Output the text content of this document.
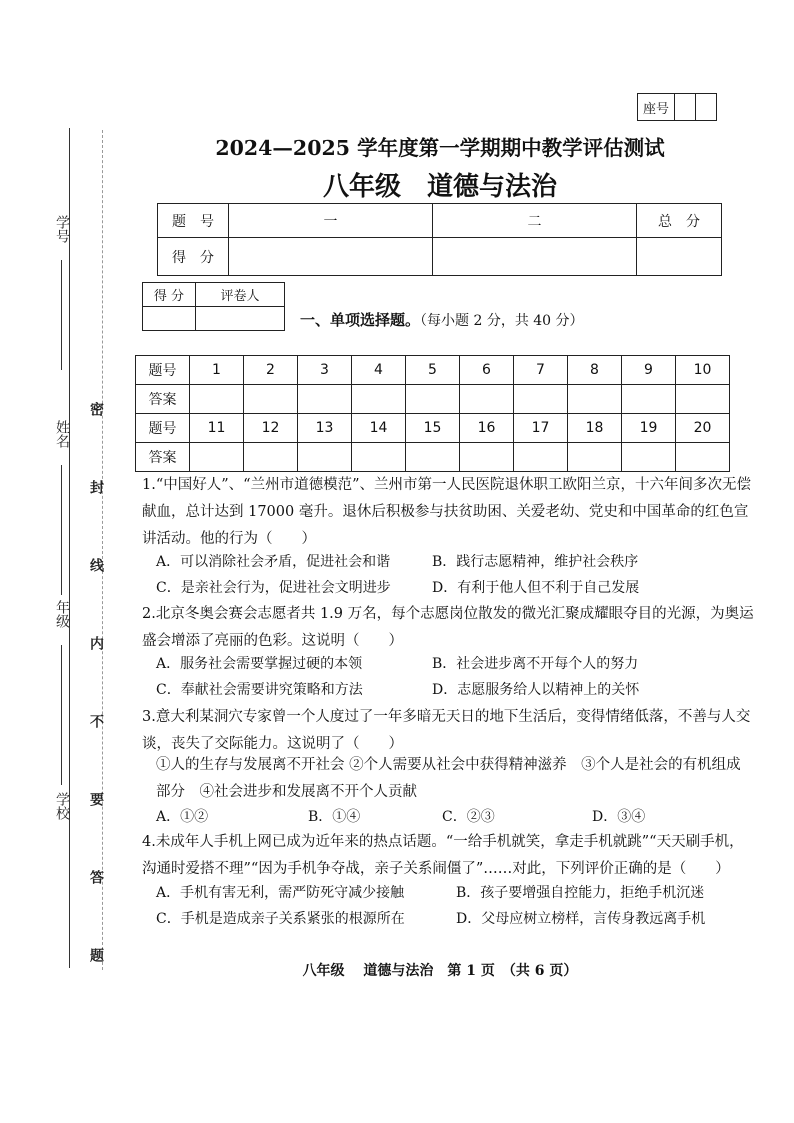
座号		
学号
姓名
年级
学校 密 封 线 内 不 要 答 题
2024—2025 学年度第一学期期中教学评估测试
八年级　道德与法治
题　号	一	二	总　分
得　分			
得 分	评卷人

一、单项选择题。（每小题 2 分，共 40 分）
题号	1	2	3	4	5	6	7	8	9	10
答案										
题号	11	12	13	14	15	16	17	18	19	20
答案										
1.“中国好人”、“兰州市道德模范”、兰州市第一人民医院退休职工欧阳兰京，十六年间多次无偿献血，总计达到 17000 毫升。退休后积极参与扶贫助困、关爱老幼、党史和中国革命的红色宣讲活动。他的行为（　　）
A．可以消除社会矛盾，促进社会和谐	B．践行志愿精神，维护社会秩序
C．是亲社会行为，促进社会文明进步	D．有利于他人但不利于自己发展
2.北京冬奥会赛会志愿者共 1.9 万名，每个志愿岗位散发的微光汇聚成耀眼夺目的光源，为奥运盛会增添了亮丽的色彩。这说明（　　）
A．服务社会需要掌握过硬的本领	B．社会进步离不开每个人的努力
C．奉献社会需要讲究策略和方法	D．志愿服务给人以精神上的关怀
3.意大利某洞穴专家曾一个人度过了一年多暗无天日的地下生活后，变得情绪低落，不善与人交谈，丧失了交际能力。这说明了（　　）
①人的生存与发展离不开社会 ②个人需要从社会中获得精神滋养　③个人是社会的有机组成部分　④社会进步和发展离不开个人贡献
A．①②	B．①④	C．②③	D．③④
4.未成年人手机上网已成为近年来的热点话题。“一给手机就笑，拿走手机就跳”“天天刷手机，沟通时爱搭不理”“因为手机争夺战，亲子关系闹僵了”……对此，下列评价正确的是（　　）
A．手机有害无利，需严防死守减少接触	B．孩子要增强自控能力，拒绝手机沉迷
C．手机是造成亲子关系紧张的根源所在	D．父母应树立榜样，言传身教远离手机
八年级　 道德与法治　第 1 页　（共 6 页）
